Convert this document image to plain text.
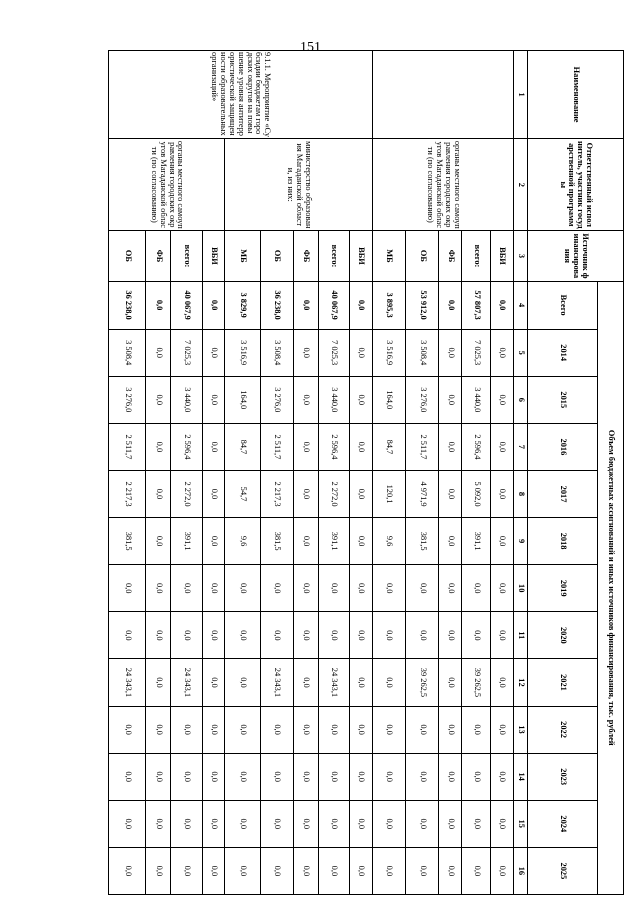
151
Наименование	Ответственный исполнитель, участник государственной программы	Источник финансирования	Объем бюджетных ассигнований и иных источников финансирования, тыс. рублей												
			Всего	2014	2015	2016	2017	2018	2019	2020	2021	2022	2023	2024	2025
1	2	3	4	5	6	7	8	9	10	11	12	13	14	15	16
	органы местного самоуправления городских округов Магаданской области (по согласованию)	ВБИ	0,0	0,0	0,0	0,0	0,0	0,0	0,0	0,0	0,0	0,0	0,0	0,0	0,0
		всего:	57 807,3	7 025,3	3 440,0	2 596,4	5 092,0	391,1	0,0	0,0	39 262,5	0,0	0,0	0,0	0,0
		ФБ	0,0	0,0	0,0	0,0	0,0	0,0	0,0	0,0	0,0	0,0	0,0	0,0	0,0
		ОБ	53 912,0	3 508,4	3 276,0	2 511,7	4 971,9	381,5	0,0	0,0	39 262,5	0,0	0,0	0,0	0,0
		МБ	3 895,3	3 516,9	164,0	84,7	120,1	9,6	0,0	0,0	0,0	0,0	0,0	0,0	0,0
9.1.1. Мероприятие «Субсидии бюджетам городских округов на повышение уровня антитеррористической защищенности образовательных организаций»	министерство образования Магаданской области, из них:	ВБИ	0,0	0,0	0,0	0,0	0,0	0,0	0,0	0,0	0,0	0,0	0,0	0,0	0,0
		всего:	40 067,9	7 025,3	3 440,0	2 596,4	2 272,0	391,1	0,0	0,0	24 343,1	0,0	0,0	0,0	0,0
		ФБ	0,0	0,0	0,0	0,0	0,0	0,0	0,0	0,0	0,0	0,0	0,0	0,0	0,0
		ОБ	36 238,0	3 508,4	3 276,0	2 511,7	2 217,3	381,5	0,0	0,0	24 343,1	0,0	0,0	0,0	0,0
		МБ	3 829,9	3 516,9	164,0	84,7	54,7	9,6	0,0	0,0	0,0	0,0	0,0	0,0	0,0
	органы местного самоуправления городских округов Магаданской области (по согласованию)	ВБИ	0,0	0,0	0,0	0,0	0,0	0,0	0,0	0,0	0,0	0,0	0,0	0,0	0,0
		всего:	40 067,9	7 025,3	3 440,0	2 596,4	2 272,0	391,1	0,0	0,0	24 343,1	0,0	0,0	0,0	0,0
		ФБ	0,0	0,0	0,0	0,0	0,0	0,0	0,0	0,0	0,0	0,0	0,0	0,0	0,0
		ОБ	36 238,0	3 508,4	3 276,0	2 511,7	2 217,3	381,5	0,0	0,0	24 343,1	0,0	0,0	0,0	0,0
